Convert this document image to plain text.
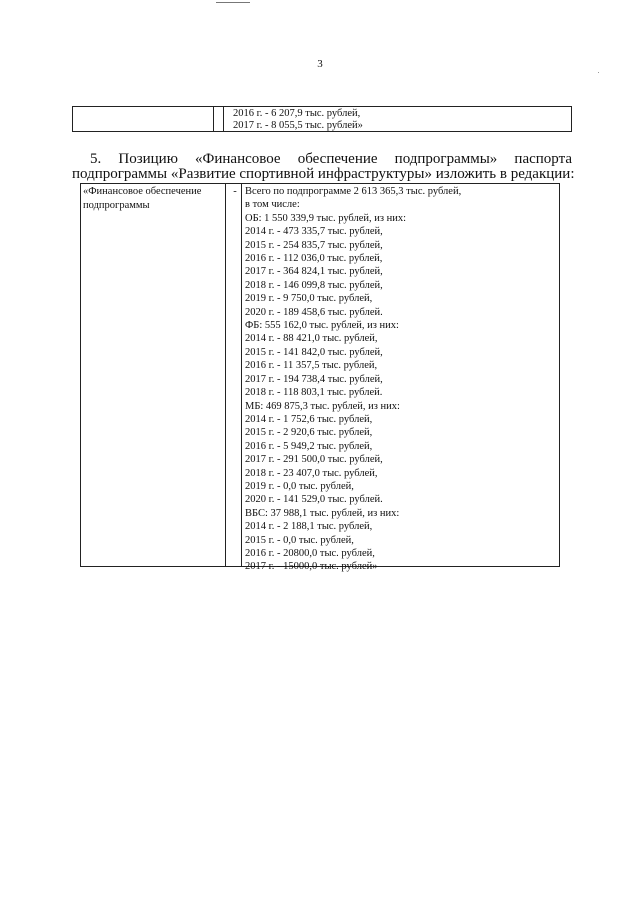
3
2016 г. - 6 207,9 тыс. рублей,
2017 г. - 8 055,5 тыс. рублей»
5. Позицию «Финансовое обеспечение подпрограммы» паспорта
подпрограммы «Развитие спортивной инфраструктуры» изложить в редакции:
«Финансовое обеспечение подпрограммы
- Всего по подпрограмме 2 613 365,3 тыс. рублей,
в том числе:
ОБ: 1 550 339,9 тыс. рублей, из них:
2014 г. - 473 335,7 тыс. рублей,
2015 г. - 254 835,7 тыс. рублей,
2016 г. - 112 036,0 тыс. рублей,
2017 г. - 364 824,1 тыс. рублей,
2018 г. - 146 099,8 тыс. рублей,
2019 г. - 9 750,0 тыс. рублей,
2020 г. - 189 458,6 тыс. рублей.
ФБ: 555 162,0 тыс. рублей, из них:
2014 г. - 88 421,0 тыс. рублей,
2015 г. - 141 842,0 тыс. рублей,
2016 г. - 11 357,5 тыс. рублей,
2017 г. - 194 738,4 тыс. рублей,
2018 г. - 118 803,1 тыс. рублей.
МБ: 469 875,3 тыс. рублей, из них:
2014 г. - 1 752,6 тыс. рублей,
2015 г. - 2 920,6 тыс. рублей,
2016 г. - 5 949,2 тыс. рублей,
2017 г. - 291 500,0 тыс. рублей,
2018 г. - 23 407,0 тыс. рублей,
2019 г. - 0,0 тыс. рублей,
2020 г. - 141 529,0 тыс. рублей.
ВБС: 37 988,1 тыс. рублей, из них:
2014 г. - 2 188,1 тыс. рублей,
2015 г. - 0,0 тыс. рублей,
2016 г. - 20800,0 тыс. рублей,
2017 г. - 15000,0 тыс. рублей»
